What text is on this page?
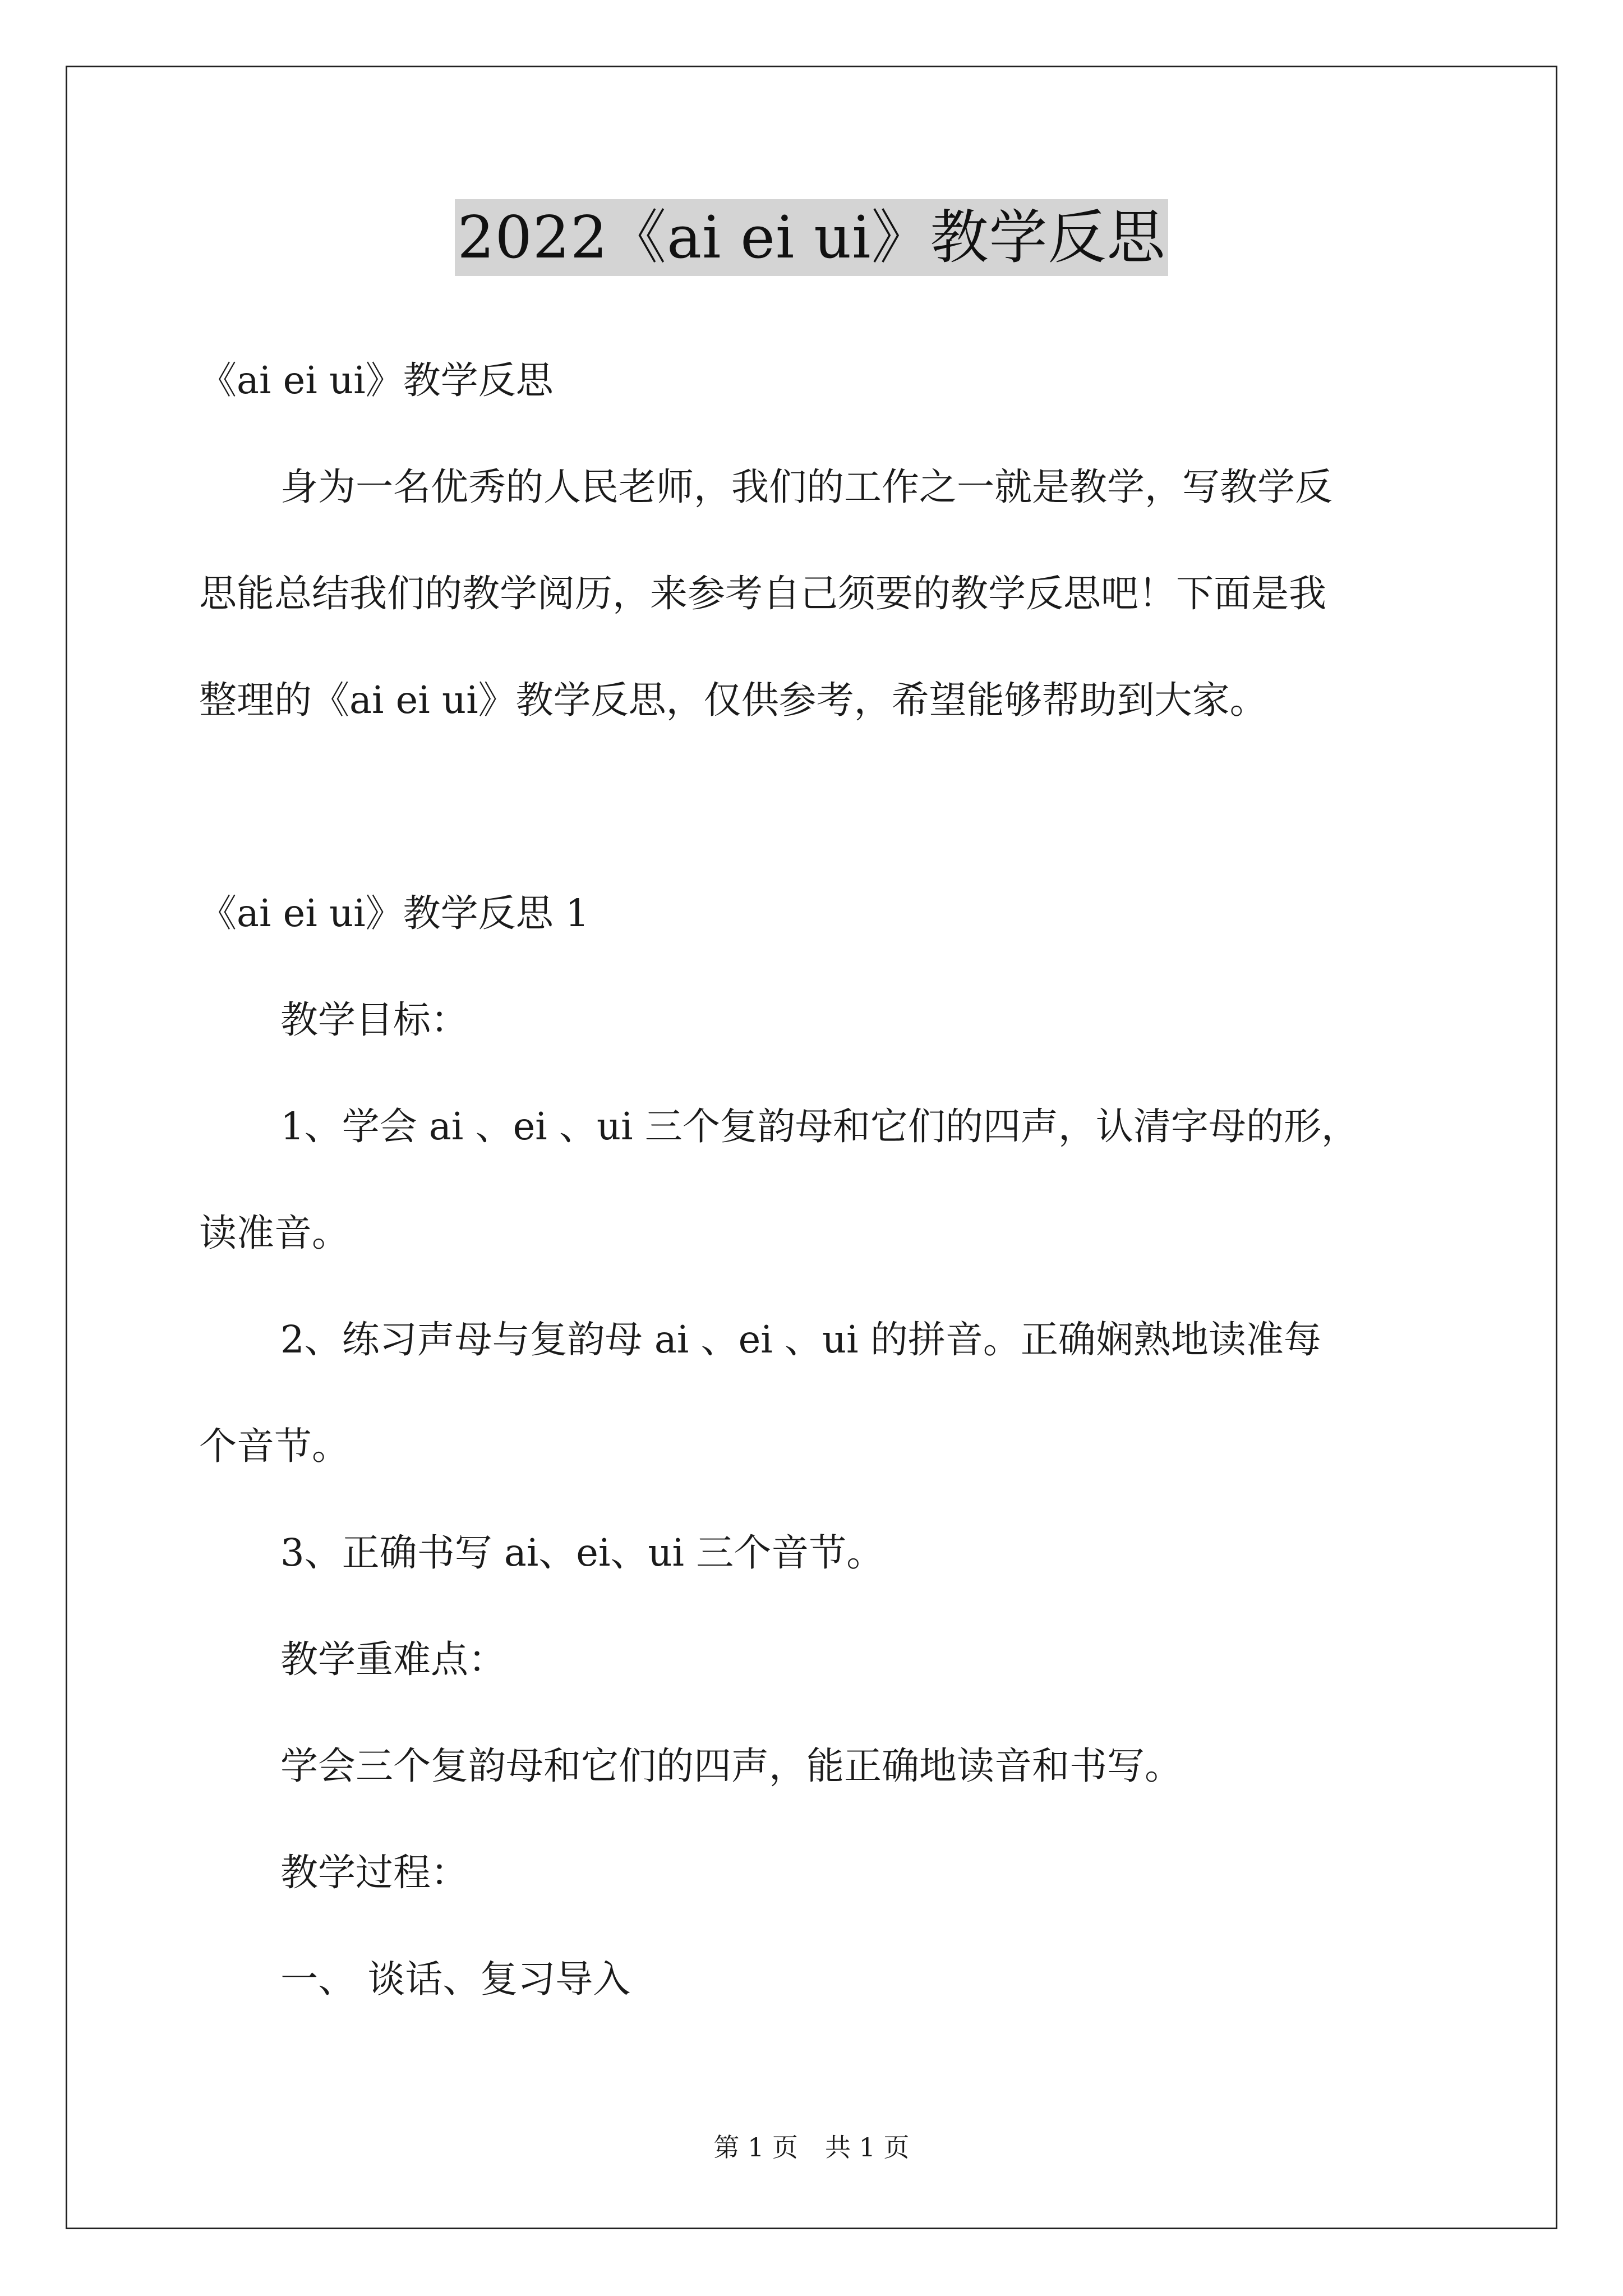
2022《ai ei ui》教学反思
《ai ei ui》教学反思
身为一名优秀的人民老师，我们的工作之一就是教学，写教学反
思能总结我们的教学阅历，来参考自己须要的教学反思吧！下面是我
整理的《ai ei ui》教学反思，仅供参考，希望能够帮助到大家。
《ai ei ui》教学反思 1
教学目标：
1、学会 ai 、ei 、ui 三个复韵母和它们的四声，认清字母的形，
读准音。
2、练习声母与复韵母 ai 、ei 、ui 的拼音。正确娴熟地读准每
个音节。
3、正确书写 ai、ei、ui 三个音节。
教学重难点：
学会三个复韵母和它们的四声，能正确地读音和书写。
教学过程：
一、 谈话、复习导入
第 1 页 共 1 页
